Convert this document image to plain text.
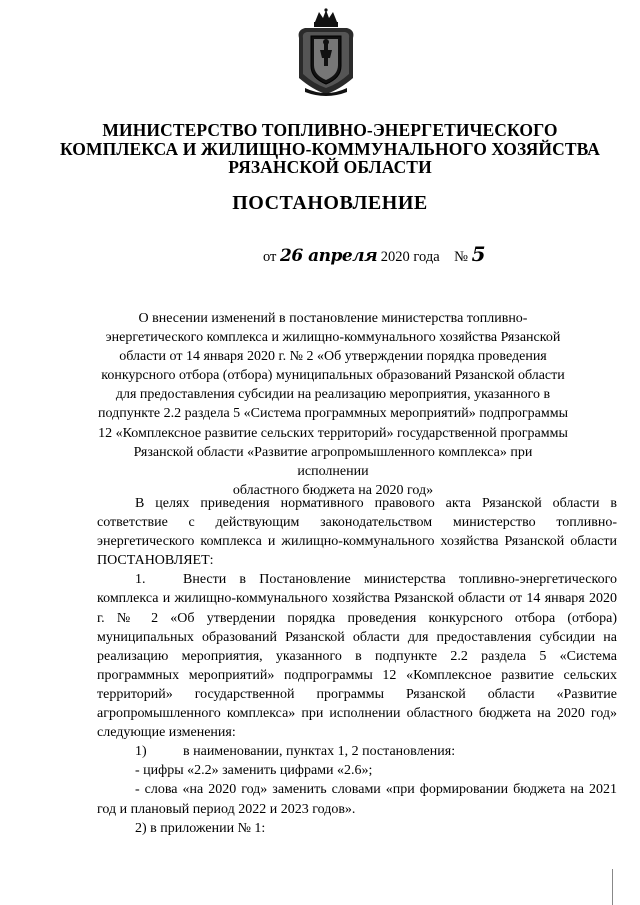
МИНИСТЕРСТВО ТОПЛИВНО-ЭНЕРГЕТИЧЕСКОГО
КОМПЛЕКСА И ЖИЛИЩНО-КОММУНАЛЬНОГО ХОЗЯЙСТВА
РЯЗАНСКОЙ ОБЛАСТИ
ПОСТАНОВЛЕНИЕ
от 26 апреля 2020 года № 5
О внесении изменений в постановление министерства топливно-
энергетического комплекса и жилищно-коммунального хозяйства Рязанской
области от 14 января 2020 г. № 2 «Об утверждении порядка проведения
конкурсного отбора (отбора) муниципальных образований Рязанской области
для предоставления субсидии на реализацию мероприятия, указанного в
подпункте 2.2 раздела 5 «Система программных мероприятий» подпрограммы
12 «Комплексное развитие сельских территорий» государственной программы
Рязанской области «Развитие агропромышленного комплекса» при исполнении
областного бюджета на 2020 год»

В целях приведения нормативного правового акта Рязанской области в сответствие с действующим законодательством министерство топливно-энергетического комплекса и жилищно-коммунального хозяйства Рязанской области ПОСТАНОВЛЯЕТ:

1.	Внести в Постановление министерства топливно-энергетического комплекса и жилищно-коммунального хозяйства Рязанской области от 14 января 2020 г. № 2 «Об утвердении порядка проведения конкурсного отбора (отбора) муниципальных образований Рязанской области для предоставления субсидии на реализацию мероприятия, указанного в подпункте 2.2 раздела 5 «Система программных мероприятий» подпрограммы 12 «Комплексное развитие сельских территорий» государственной программы Рязанской области «Развитие агропромышленного комплекса» при исполнении областного бюджета на 2020 год» следующие изменения:

1)	в наименовании, пунктах 1, 2 постановления:

- цифры «2.2» заменить цифрами «2.6»;

- слова «на 2020 год» заменить словами «при формировании бюджета на 2021 год и плановый период 2022 и 2023 годов».

2) в приложении № 1:
